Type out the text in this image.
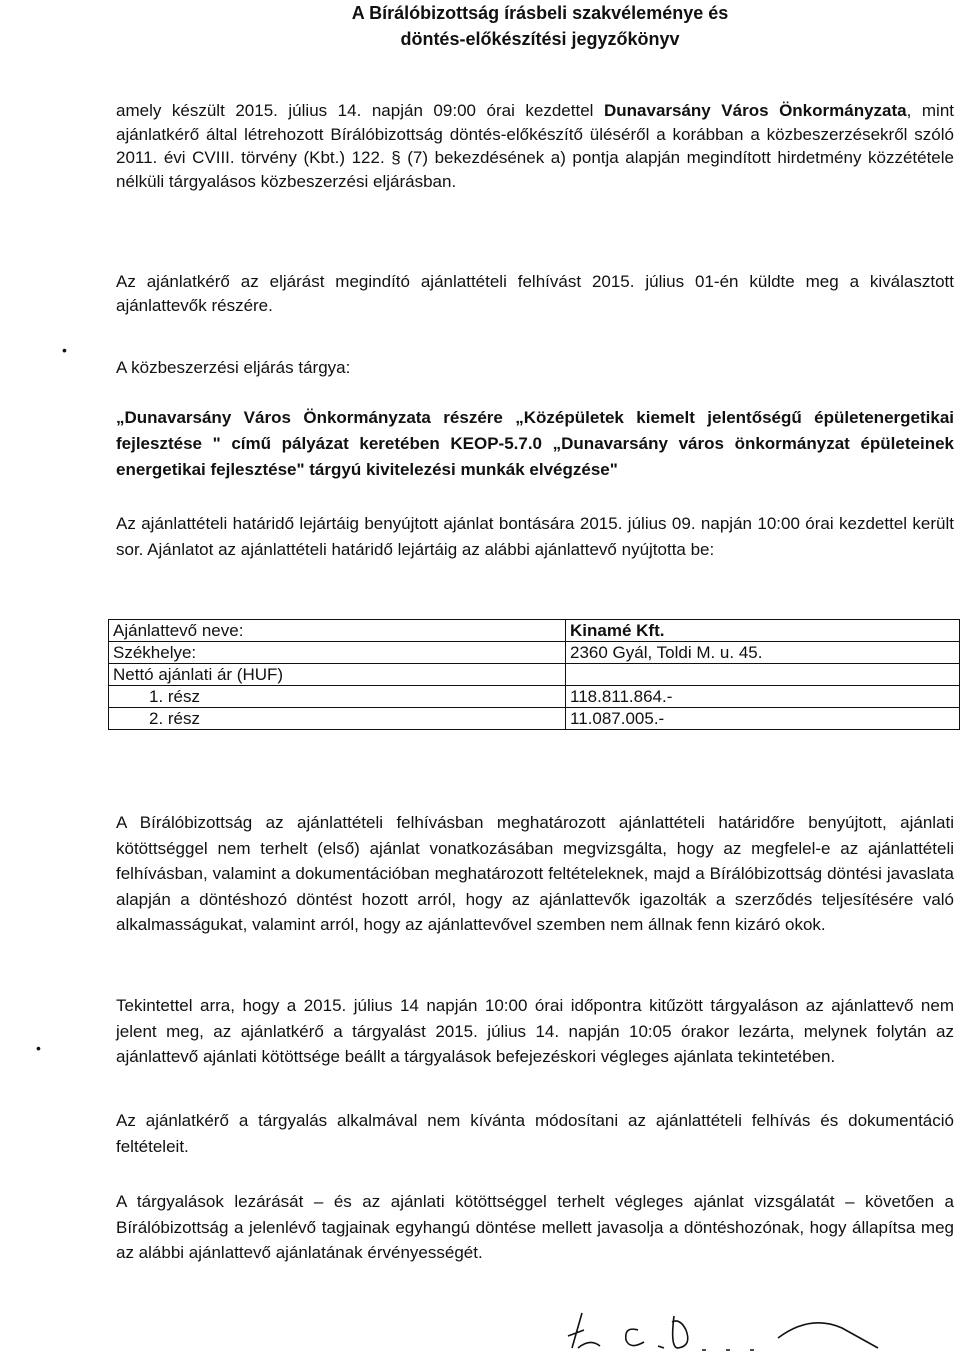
A Bírálóbizottság írásbeli szakvéleménye és
döntés-előkészítési jegyzőkönyv

amely készült 2015. július 14. napján 09:00 órai kezdettel Dunavarsány Város Önkormányzata, mint ajánlatkérő által létrehozott Bírálóbizottság döntés-előkészítő üléséről a korábban a közbeszerzésekről szóló 2011. évi CVIII. törvény (Kbt.) 122. § (7) bekezdésének a) pontja alapján megindított hirdetmény közzététele nélküli tárgyalásos közbeszerzési eljárásban.

Az ajánlatkérő az eljárást megindító ajánlattételi felhívást 2015. július 01-én küldte meg a kiválasztott ajánlattevők részére.

•

A közbeszerzési eljárás tárgya:

„Dunavarsány Város Önkormányzata részére „Középületek kiemelt jelentőségű épületenergetikai fejlesztése " című pályázat keretében KEOP-5.7.0 „Dunavarsány város önkormányzat épületeinek energetikai fejlesztése" tárgyú kivitelezési munkák elvégzése"

Az ajánlattételi határidő lejártáig benyújtott ajánlat bontására 2015. július 09. napján 10:00 órai kezdettel került sor. Ajánlatot az ajánlattételi határidő lejártáig az alábbi ajánlattevő nyújtotta be:

Ajánlattevő neve:	Kinamé Kft.
Székhelye:	2360 Gyál, Toldi M. u. 45.
Nettó ajánlati ár (HUF)	
1. rész	118.811.864.-
2. rész	11.087.005.-

A Bírálóbizottság az ajánlattételi felhívásban meghatározott ajánlattételi határidőre benyújtott, ajánlati kötöttséggel nem terhelt (első) ajánlat vonatkozásában megvizsgálta, hogy az megfelel-e az ajánlattételi felhívásban, valamint a dokumentációban meghatározott feltételeknek, majd a Bírálóbizottság döntési javaslata alapján a döntéshozó döntést hozott arról, hogy az ajánlattevők igazolták a szerződés teljesítésére való alkalmasságukat, valamint arról, hogy az ajánlattevővel szemben nem állnak fenn kizáró okok.

Tekintettel arra, hogy a 2015. július 14 napján 10:00 órai időpontra kitűzött tárgyaláson az ajánlattevő nem jelent meg, az ajánlatkérő a tárgyalást 2015. július 14. napján 10:05 órakor lezárta, melynek folytán az ajánlattevő ajánlati kötöttsége beállt a tárgyalások befejezéskori végleges ajánlata tekintetében.

•

Az ajánlatkérő a tárgyalás alkalmával nem kívánta módosítani az ajánlattételi felhívás és dokumentáció feltételeit.

A tárgyalások lezárását – és az ajánlati kötöttséggel terhelt végleges ajánlat vizsgálatát – követően a Bírálóbizottság a jelenlévő tagjainak egyhangú döntése mellett javasolja a döntéshozónak, hogy állapítsa meg az alábbi ajánlattevő ajánlatának érvényességét.
